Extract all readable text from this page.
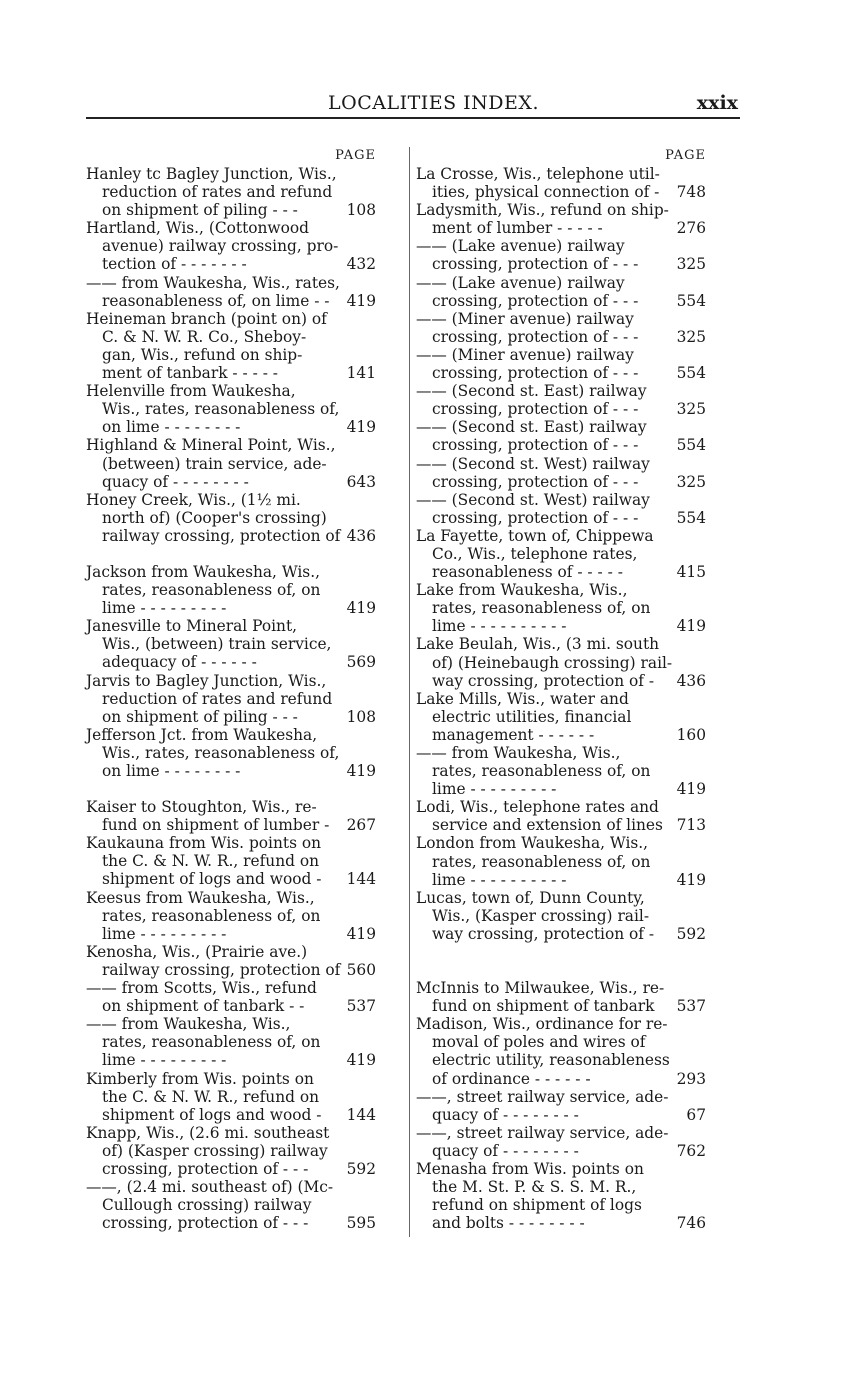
LOCALITIES INDEX.	xxix
PAGE
Hanley tc Bagley Junction, Wis.,
reduction of rates and refund
on shipment of piling - - -	108
Hartland, Wis., (Cottonwood
avenue) railway crossing, pro-
tection of - - - - - - -	432
—— from Waukesha, Wis., rates,
reasonableness of, on lime - - 419
Heineman branch (point on) of
C. & N. W. R. Co., Sheboy-
gan, Wis., refund on ship-
ment of tanbark - - - - -	141
Helenville from Waukesha,
Wis., rates, reasonableness of,
on lime - - - - - - - -	419
Highland & Mineral Point, Wis.,
(between) train service, ade-
quacy of - - - - - - - -	643
Honey Creek, Wis., (1½ mi.
north of) (Cooper's crossing)
railway crossing, protection of 436
Jackson from Waukesha, Wis.,
rates, reasonableness of, on
lime - - - - - - - - -	419
Janesville to Mineral Point,
Wis., (between) train service,
adequacy of - - - - - -	569
Jarvis to Bagley Junction, Wis.,
reduction of rates and refund
on shipment of piling - - -	108
Jefferson Jct. from Waukesha,
Wis., rates, reasonableness of,
on lime - - - - - - - -	419
Kaiser to Stoughton, Wis., re-
fund on shipment of lumber - 267
Kaukauna from Wis. points on
the C. & N. W. R., refund on
shipment of logs and wood - 144
Keesus from Waukesha, Wis.,
rates, reasonableness of, on
lime - - - - - - - - -	419
Kenosha, Wis., (Prairie ave.)
railway crossing, protection of 560
—— from Scotts, Wis., refund
on shipment of tanbark - -	537
—— from Waukesha, Wis.,
rates, reasonableness of, on
lime - - - - - - - - -	419
Kimberly from Wis. points on
the C. & N. W. R., refund on
shipment of logs and wood - 144
Knapp, Wis., (2.6 mi. southeast
of) (Kasper crossing) railway
crossing, protection of - - - 592
——, (2.4 mi. southeast of) (Mc-
Cullough crossing) railway
crossing, protection of - - - 595
PAGE
La Crosse, Wis., telephone util-
ities, physical connection of - 748
Ladysmith, Wis., refund on ship-
ment of lumber - - - - -	276
—— (Lake avenue) railway
crossing, protection of - - - 325
—— (Lake avenue) railway
crossing, protection of - - - 554
—— (Miner avenue) railway
crossing, protection of - - - 325
—— (Miner avenue) railway
crossing, protection of - - - 554
—— (Second st. East) railway
crossing, protection of - - - 325
—— (Second st. East) railway
crossing, protection of - - - 554
—— (Second st. West) railway
crossing, protection of - - - 325
—— (Second st. West) railway
crossing, protection of - - - 554
La Fayette, town of, Chippewa
Co., Wis., telephone rates,
reasonableness of - - - - -	415
Lake from Waukesha, Wis.,
rates, reasonableness of, on
lime - - - - - - - - - -	419
Lake Beulah, Wis., (3 mi. south
of) (Heinebaugh crossing) rail-
way crossing, protection of - 436
Lake Mills, Wis., water and
electric utilities, financial
management - - - - - -	160
—— from Waukesha, Wis.,
rates, reasonableness of, on
lime - - - - - - - - -	419
Lodi, Wis., telephone rates and
service and extension of lines 713
London from Waukesha, Wis.,
rates, reasonableness of, on
lime - - - - - - - - - -	419
Lucas, town of, Dunn County,
Wis., (Kasper crossing) rail-
way crossing, protection of - 592
McInnis to Milwaukee, Wis., re-
fund on shipment of tanbark 537
Madison, Wis., ordinance for re-
moval of poles and wires of
electric utility, reasonableness
of ordinance - - - - - -	293
——, street railway service, ade-
quacy of - - - - - - - -	67
——, street railway service, ade-
quacy of - - - - - - - -	762
Menasha from Wis. points on
the M. St. P. & S. S. M. R.,
refund on shipment of logs
and bolts - - - - - - - -	746
